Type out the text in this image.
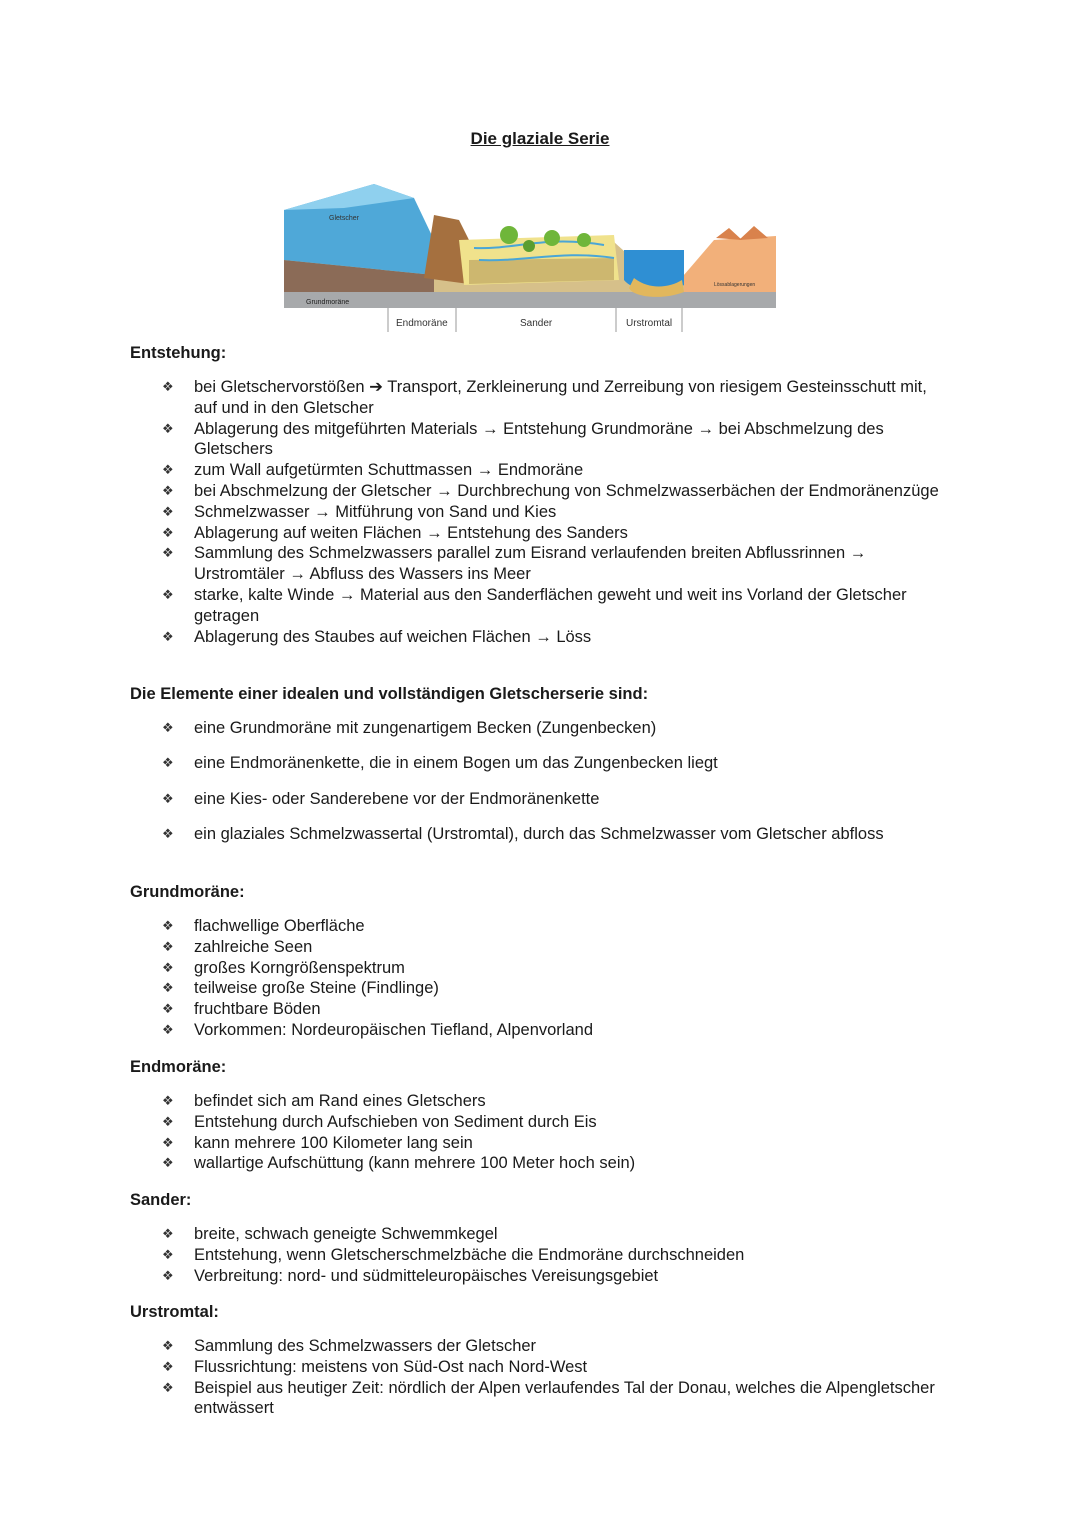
Die glaziale Serie
Gletscher
Grundmoräne
Lössablagerungen
Endmoräne	Sander	Urstromtal

Entstehung:

❖ bei Gletschervorstößen ➔ Transport, Zerkleinerung und Zerreibung von riesigem Gesteinsschutt mit, auf und in den Gletscher
❖ Ablagerung des mitgeführten Materials → Entstehung Grundmoräne → bei Abschmelzung des Gletschers
❖ zum Wall aufgetürmten Schuttmassen → Endmoräne
❖ bei Abschmelzung der Gletscher → Durchbrechung von Schmelzwasserbächen der Endmoränenzüge
❖ Schmelzwasser → Mitführung von Sand und Kies
❖ Ablagerung auf weiten Flächen → Entstehung des Sanders
❖ Sammlung des Schmelzwassers parallel zum Eisrand verlaufenden breiten Abflussrinnen → Urstromtäler → Abfluss des Wassers ins Meer
❖ starke, kalte Winde → Material aus den Sanderflächen geweht und weit ins Vorland der Gletscher getragen
❖ Ablagerung des Staubes auf weichen Flächen → Löss

Die Elemente einer idealen und vollständigen Gletscherserie sind:

❖ eine Grundmoräne mit zungenartigem Becken (Zungenbecken)
❖ eine Endmoränenkette, die in einem Bogen um das Zungenbecken liegt
❖ eine Kies- oder Sanderebene vor der Endmoränenkette
❖ ein glaziales Schmelzwassertal (Urstromtal), durch das Schmelzwasser vom Gletscher abfloss

Grundmoräne:

❖ flachwellige Oberfläche
❖ zahlreiche Seen
❖ großes Korngrößenspektrum
❖ teilweise große Steine (Findlinge)
❖ fruchtbare Böden
❖ Vorkommen: Nordeuropäischen Tiefland, Alpenvorland

Endmoräne:

❖ befindet sich am Rand eines Gletschers
❖ Entstehung durch Aufschieben von Sediment durch Eis
❖ kann mehrere 100 Kilometer lang sein
❖ wallartige Aufschüttung (kann mehrere 100 Meter hoch sein)

Sander:

❖ breite, schwach geneigte Schwemmkegel
❖ Entstehung, wenn Gletscherschmelzbäche die Endmoräne durchschneiden
❖ Verbreitung: nord- und südmitteleuropäisches Vereisungsgebiet

Urstromtal:

❖ Sammlung des Schmelzwassers der Gletscher
❖ Flussrichtung: meistens von Süd-Ost nach Nord-West
❖ Beispiel aus heutiger Zeit: nördlich der Alpen verlaufendes Tal der Donau, welches die Alpengletscher entwässert
